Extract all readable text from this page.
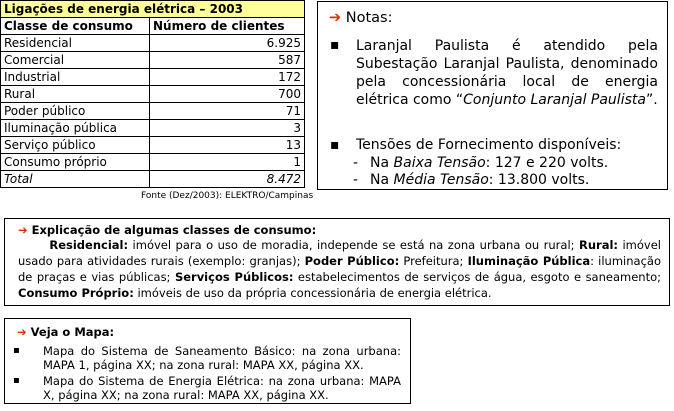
Ligações de energia elétrica – 2003	
Classe de consumo	Número de clientes
Residencial	6.925
Comercial	587
Industrial	172
Rural	700
Poder público	71
Iluminação pública	3
Serviço público	13
Consumo próprio	1
Total	8.472
Fonte (Dez/2003): ELEKTRO/Campinas
➔ Notas:
▪ Laranjal Paulista é atendido pela Subestação Laranjal Paulista, denominado pela concessionária local de energia elétrica como “Conjunto Laranjal Paulista”.
▪ Tensões de Fornecimento disponíveis:
- Na Baixa Tensão: 127 e 220 volts.
- Na Média Tensão: 13.800 volts.
➔ Explicação de algumas classes de consumo:
Residencial: imóvel para o uso de moradia, independe se está na zona urbana ou rural; Rural: imóvel usado para atividades rurais (exemplo: granjas); Poder Público: Prefeitura; Iluminação Pública: iluminação de praças e vias públicas; Serviços Públicos: estabelecimentos de serviços de água, esgoto e saneamento; Consumo Próprio: imóveis de uso da própria concessionária de energia elétrica.
➔ Veja o Mapa:
▪ Mapa do Sistema de Saneamento Básico: na zona urbana: MAPA 1, página XX; na zona rural: MAPA XX, página XX.
▪ Mapa do Sistema de Energia Elétrica: na zona urbana: MAPA X, página XX; na zona rural: MAPA XX, página XX.
